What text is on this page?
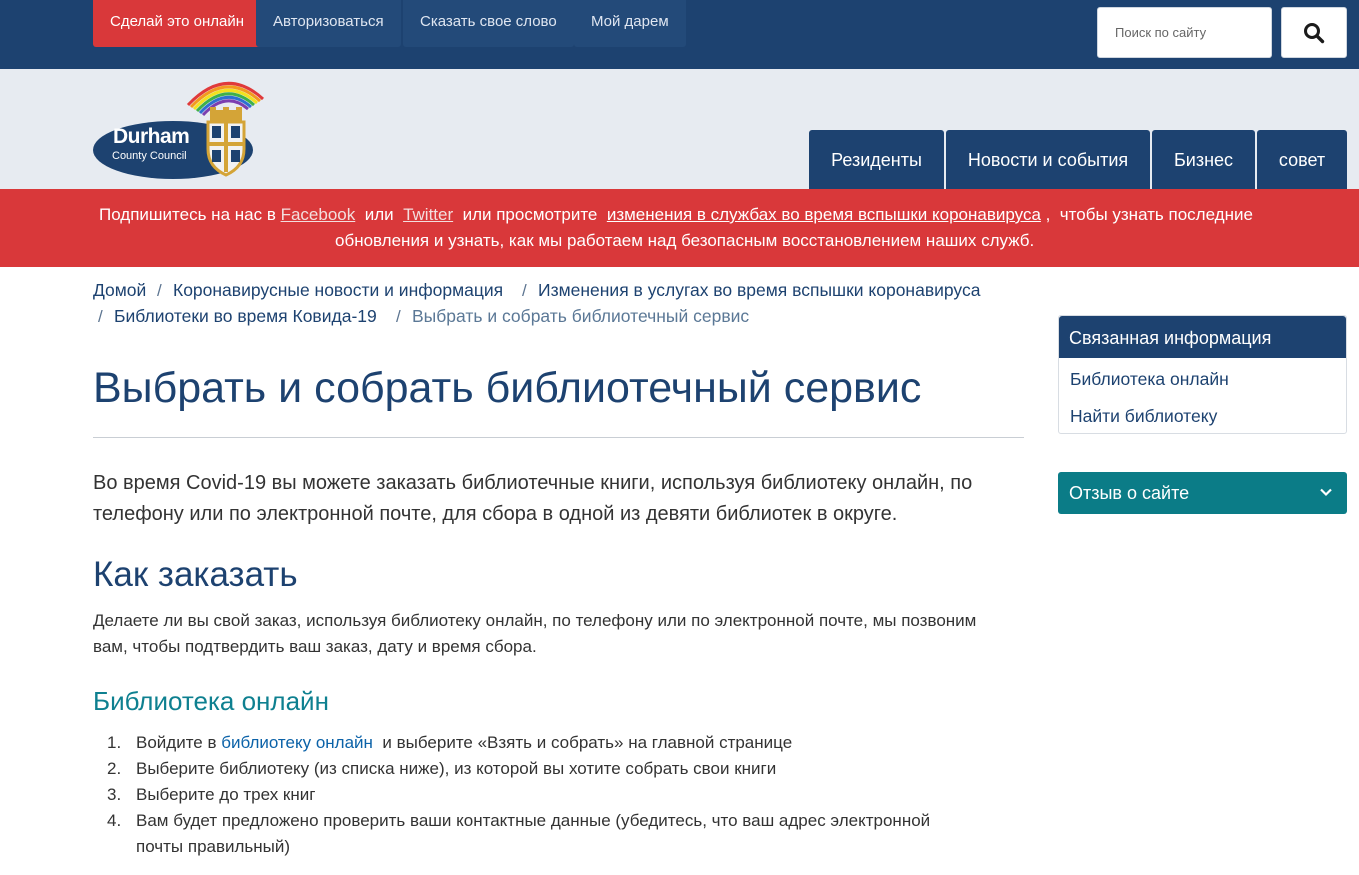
Сделай это онлайн	Авторизоваться	Сказать свое слово	Мой дарем
Поиск по сайту
Durham
County Council	Резиденты	Новости и события	Бизнес	совет
Подпишитесь на нас в Facebook  или  Twitter  или просмотрите  изменения в службах во время вспышки коронавируса ,  чтобы узнать последние
обновления и узнать, как мы работаем над безопасным восстановлением наших служб.
Домой / Коронавирусные новости и информация / Изменения в услугах во время вспышки коронавируса
/ Библиотеки во время Ковида-19 / Выбрать и собрать библиотечный сервис
Выбрать и собрать библиотечный сервис

Во время Covid-19 вы можете заказать библиотечные книги, используя библиотеку онлайн, по телефону или по электронной почте, для сбора в одной из девяти библиотек в округе.

Как заказать

Делаете ли вы свой заказ, используя библиотеку онлайн, по телефону или по электронной почте, мы позвоним вам, чтобы подтвердить ваш заказ, дату и время сбора.

Библиотека онлайн
1. Войдите в библиотеку онлайн  и выберите «Взять и собрать» на главной странице
2. Выберите библиотеку (из списка ниже), из которой вы хотите собрать свои книги
3. Выберите до трех книг
4. Вам будет предложено проверить ваши контактные данные (убедитесь, что ваш адрес электронной почты правильный)
Связанная информация
Библиотека онлайн
Найти библиотеку
Отзыв о сайте
